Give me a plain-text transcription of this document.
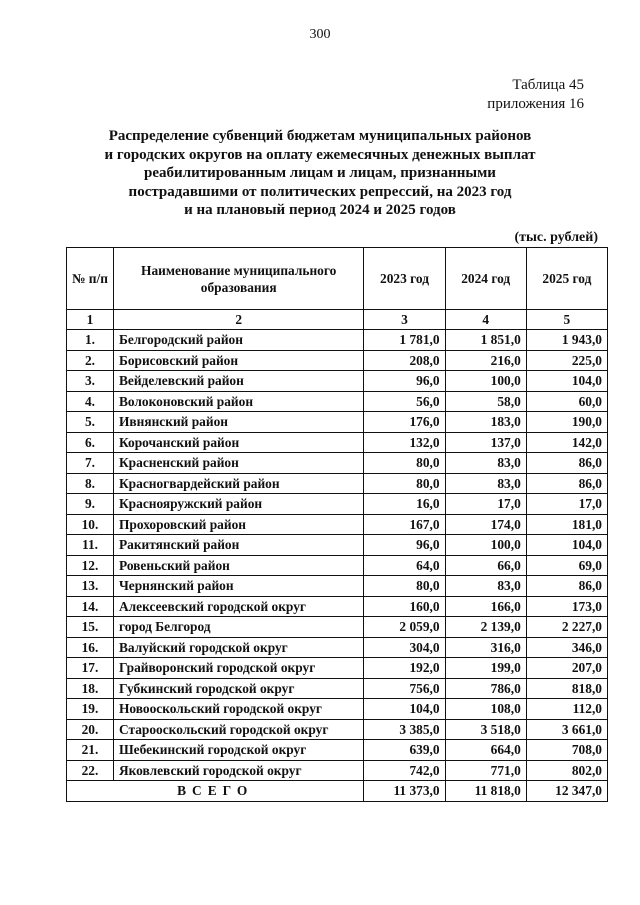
300
Таблица 45
приложения 16
Распределение субвенций бюджетам муниципальных районов
и городских округов на оплату ежемесячных денежных выплат
реабилитированным лицам и лицам, признанными
пострадавшими от политических репрессий, на 2023 год
и на плановый период 2024 и 2025 годов
(тыс. рублей)
№ п/п	Наименование муниципального образования	2023 год	2024 год	2025 год
1	2	3	4	5
1.	Белгородский район	1 781,0	1 851,0	1 943,0
2.	Борисовский район	208,0	216,0	225,0
3.	Вейделевский район	96,0	100,0	104,0
4.	Волоконовский район	56,0	58,0	60,0
5.	Ивнянский район	176,0	183,0	190,0
6.	Корочанский район	132,0	137,0	142,0
7.	Красненский район	80,0	83,0	86,0
8.	Красногвардейский район	80,0	83,0	86,0
9.	Краснояружский район	16,0	17,0	17,0
10.	Прохоровский район	167,0	174,0	181,0
11.	Ракитянский район	96,0	100,0	104,0
12.	Ровеньский район	64,0	66,0	69,0
13.	Чернянский район	80,0	83,0	86,0
14.	Алексеевский городской округ	160,0	166,0	173,0
15.	город Белгород	2 059,0	2 139,0	2 227,0
16.	Валуйский городской округ	304,0	316,0	346,0
17.	Грайворонский городской округ	192,0	199,0	207,0
18.	Губкинский городской округ	756,0	786,0	818,0
19.	Новооскольский городской округ	104,0	108,0	112,0
20.	Старооскольский городской округ	3 385,0	3 518,0	3 661,0
21.	Шебекинский городской округ	639,0	664,0	708,0
22.	Яковлевский городской округ	742,0	771,0	802,0
ВСЕГО		11 373,0	11 818,0	12 347,0
